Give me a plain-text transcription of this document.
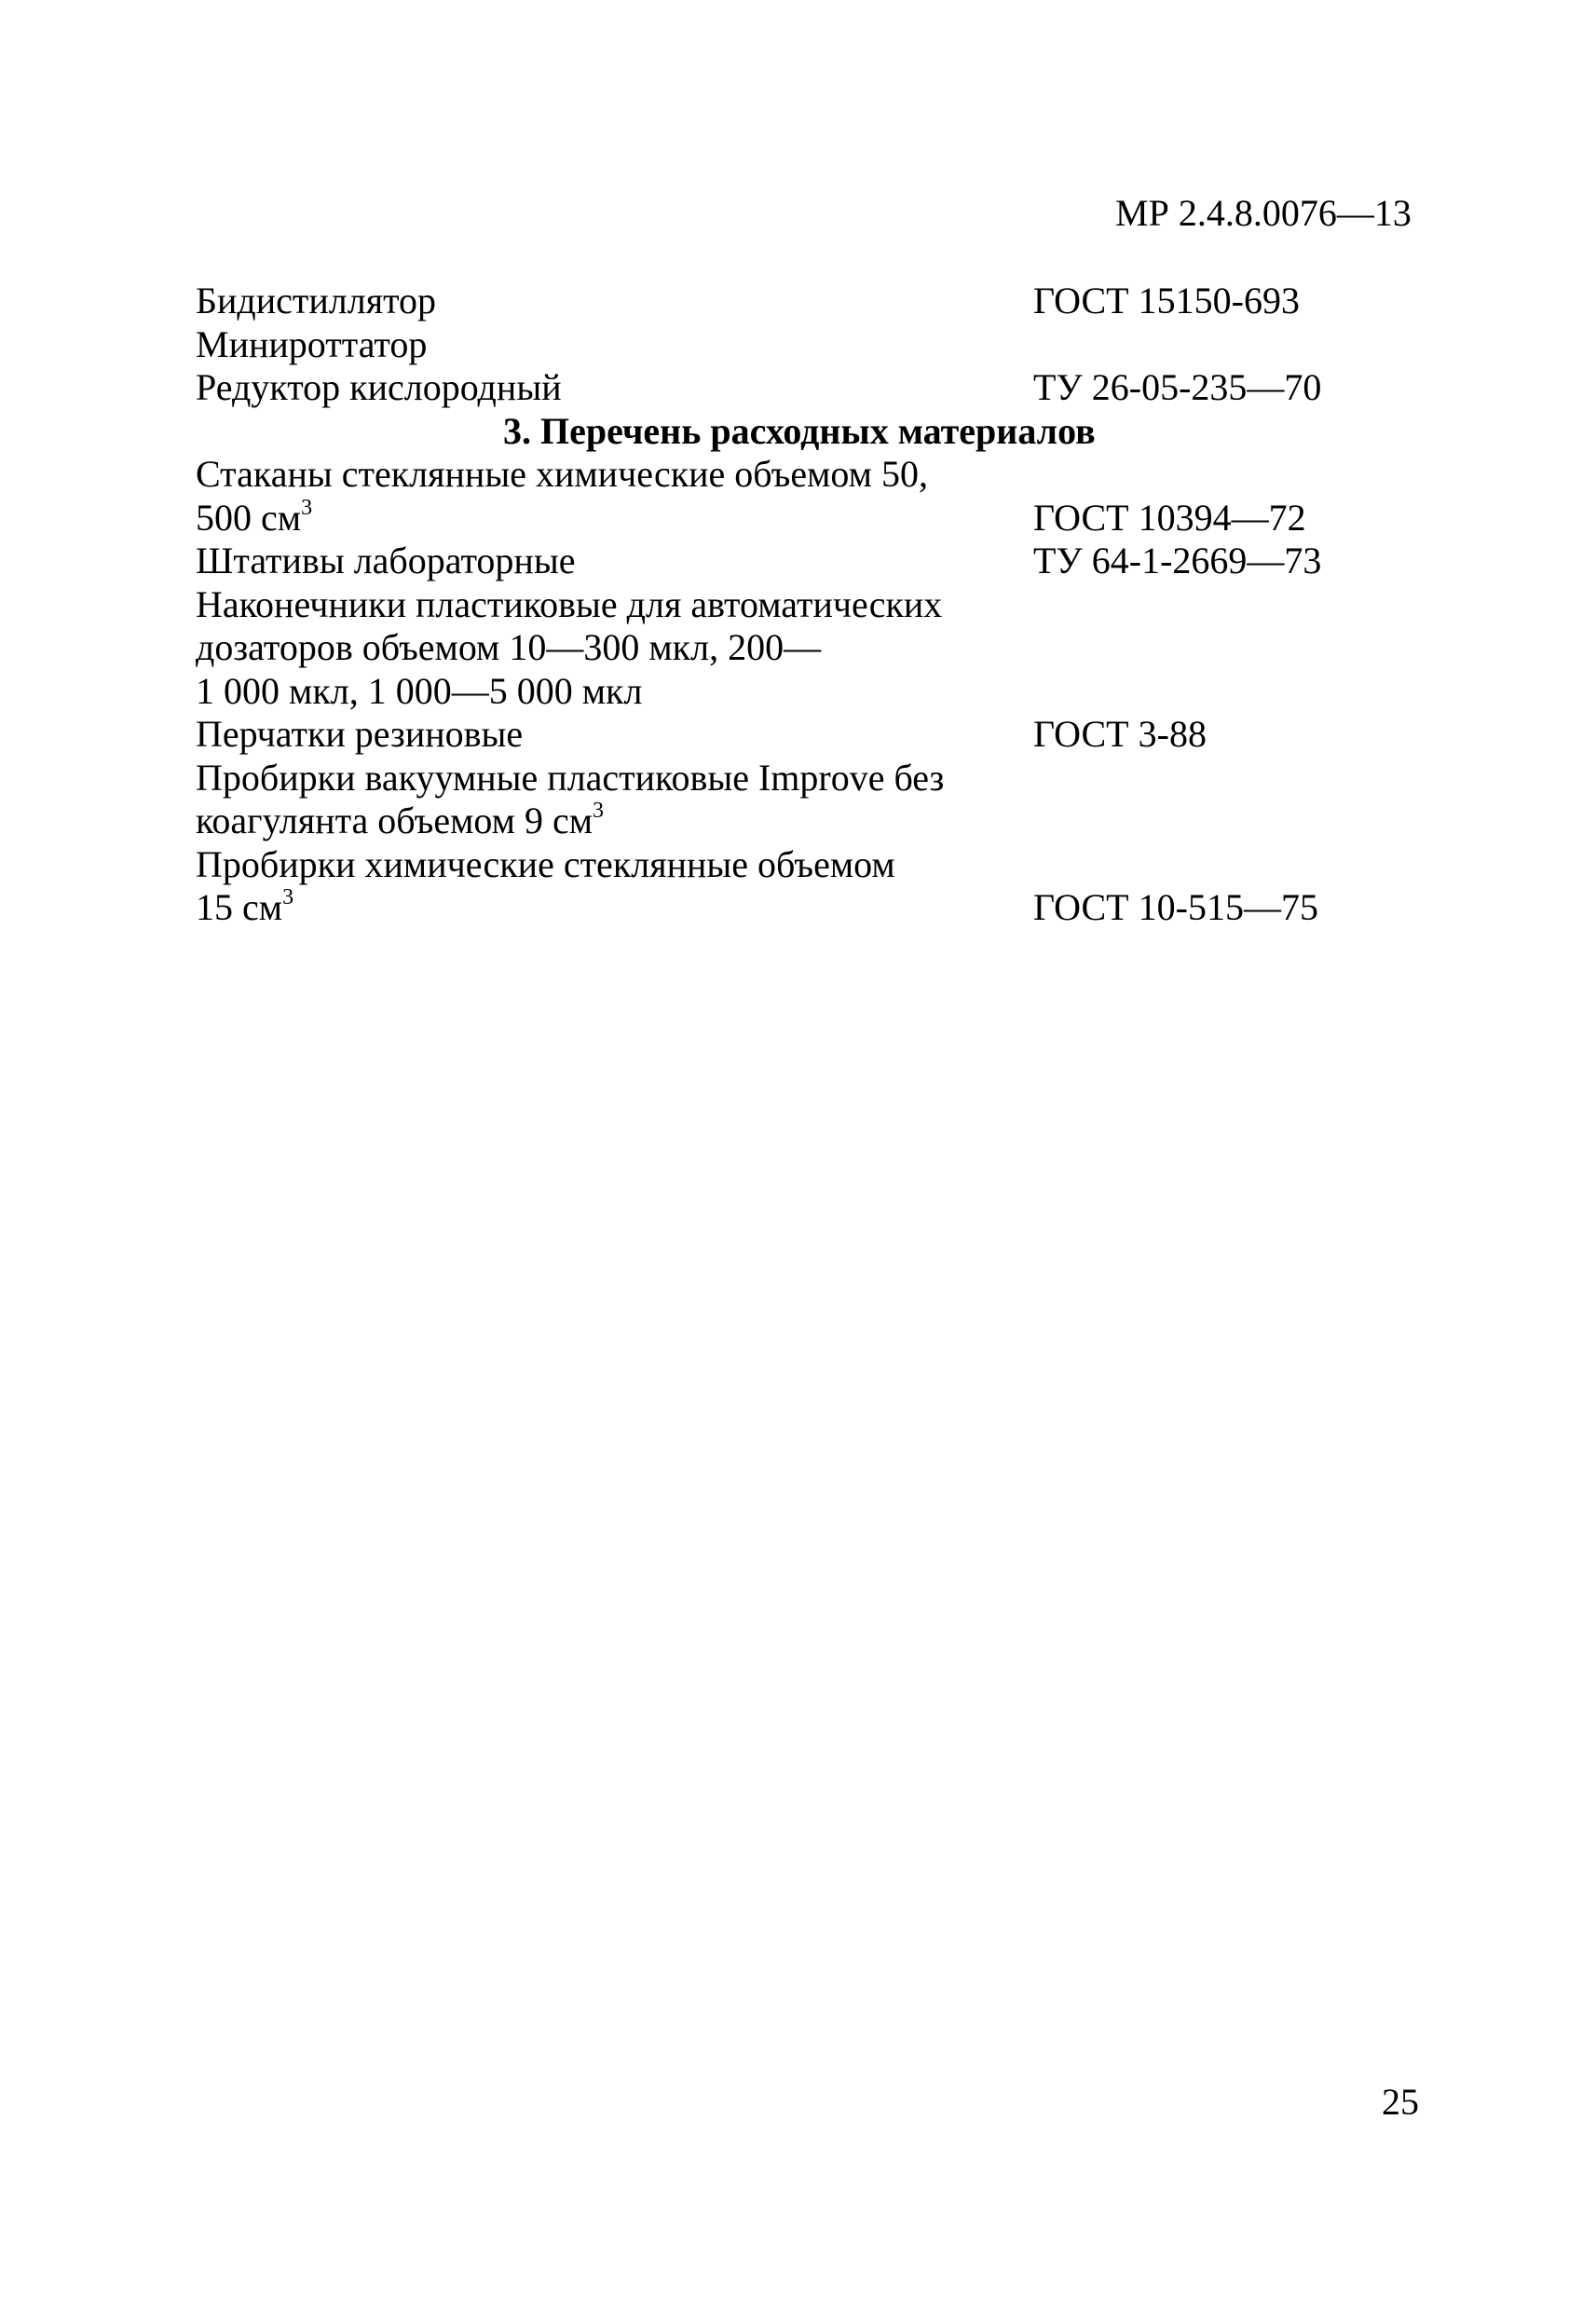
МР 2.4.8.0076—13
Бидистиллятор	ГОСТ 15150-693
Минироттатор
Редуктор кислородный	ТУ 26-05-235—70
3. Перечень расходных материалов
Стаканы стеклянные химические объемом 50,
500 $см^3$	ГОСТ 10394—72
Штативы лабораторные	ТУ 64-1-2669—73
Наконечники пластиковые для автоматических
дозаторов объемом 10—300 мкл, 200—
1 000 мкл, 1 000—5 000 мкл
Перчатки резиновые	ГОСТ 3-88
Пробирки вакуумные пластиковые Improve без
коагулянта объемом 9 $см^3$
Пробирки химические стеклянные объемом
15 $см^3$	ГОСТ 10-515—75
25
